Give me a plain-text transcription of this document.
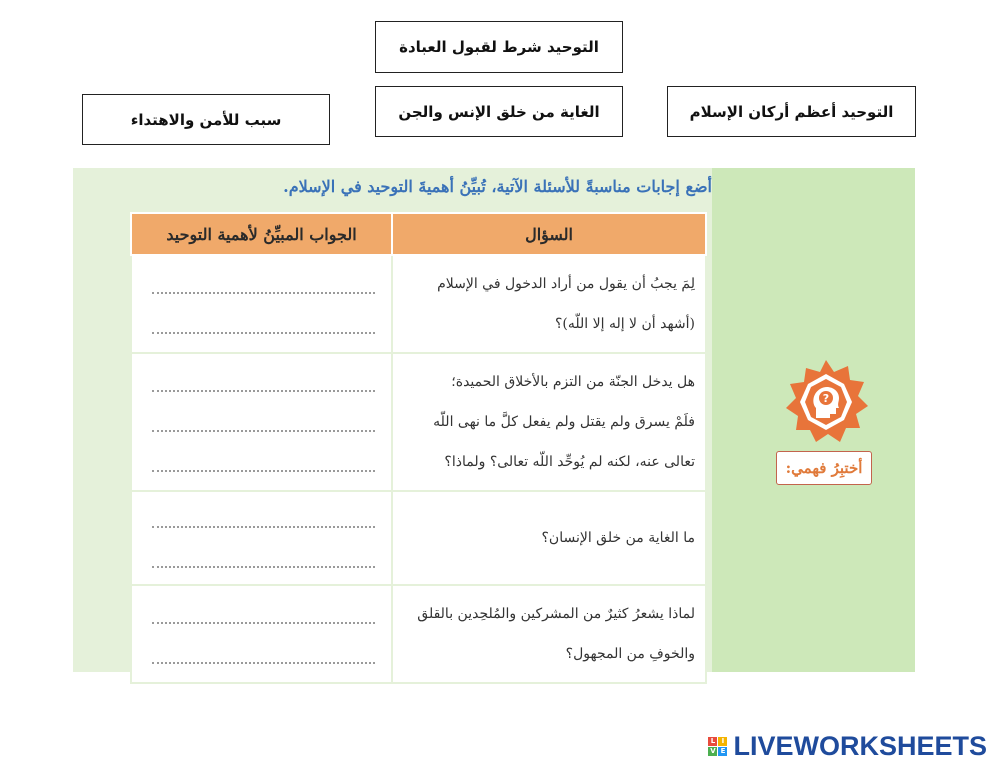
التوحيد شرط لقبول العبادة
التوحيد أعظم أركان الإسلام
الغاية من خلق الإنس والجن
سبب للأمن والاهتداء
أضع إجابات مناسبةً للأسئلة الآتية، تُبيِّنُ أهميةَ التوحيد في الإسلام.
السؤال	الجواب المبيِّنُ لأهمية التوحيد

لِمَ يجبُ أن يقول من أراد الدخول في الإسلام
(أشهد أن لا إله إلا اللّه)؟	

هل يدخل الجنّة من التزم بالأخلاق الحميدة؛
فلَمْ يسرق ولم يقتل ولم يفعل كلَّ ما نهى اللّه
تعالى عنه، لكنه لم يُوحِّد اللّه تعالى؟ ولماذا؟	

ما الغاية من خلق الإنسان؟	

لماذا يشعرُ كثيرٌ من المشركين والمُلحِدين بالقلق
والخوفِ من المجهول؟	

?
أختبِرُ فهمي:
L I
V E LIVEWORKSHEETS
